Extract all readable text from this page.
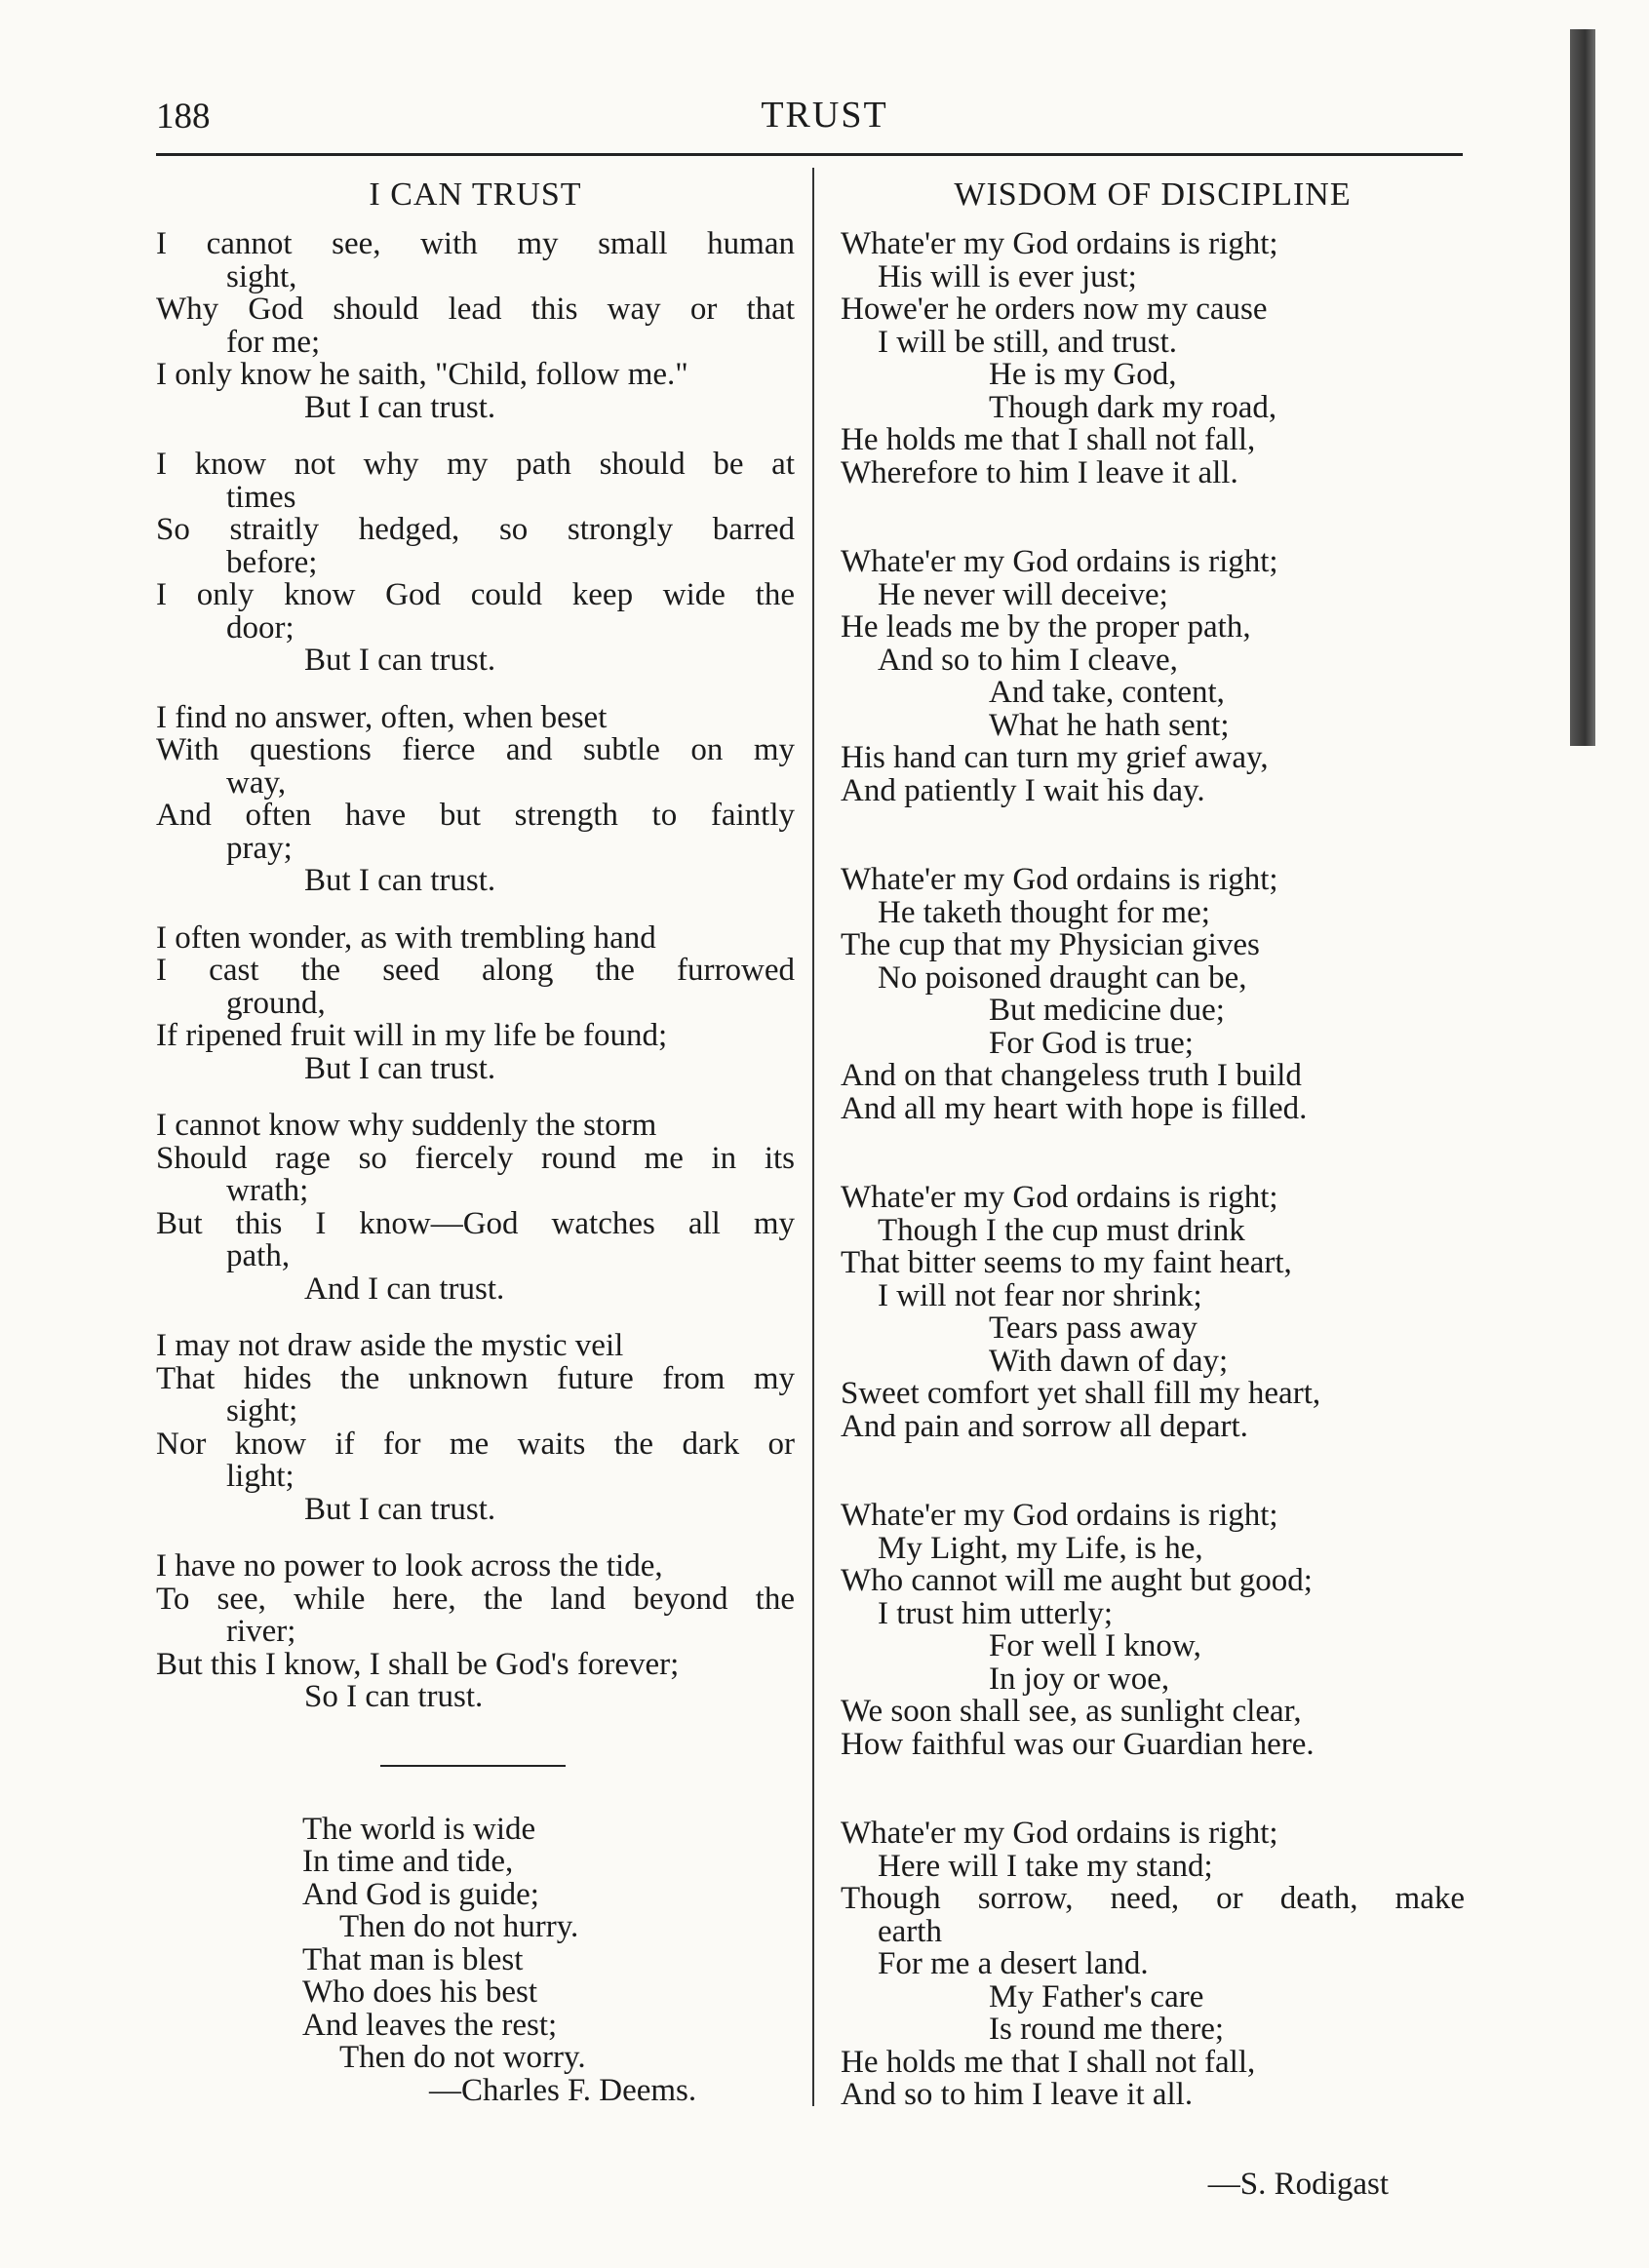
188	TRUST
I CAN TRUST
I cannot see, with my small human
sight,
Why God should lead this way or that
for me;
I only know he saith, "Child, follow me."
But I can trust.
I know not why my path should be at
times
So straitly hedged, so strongly barred
before;
I only know God could keep wide the
door;
But I can trust.
I find no answer, often, when beset
With questions fierce and subtle on my
way,
And often have but strength to faintly
pray;
But I can trust.
I often wonder, as with trembling hand
I cast the seed along the furrowed
ground,
If ripened fruit will in my life be found;
But I can trust.
I cannot know why suddenly the storm
Should rage so fiercely round me in its
wrath;
But this I know—God watches all my
path,
And I can trust.
I may not draw aside the mystic veil
That hides the unknown future from my
sight;
Nor know if for me waits the dark or
light;
But I can trust.
I have no power to look across the tide,
To see, while here, the land beyond the
river;
But this I know, I shall be God's forever;
So I can trust.
The world is wide
In time and tide,
And God is guide;
Then do not hurry.
That man is blest
Who does his best
And leaves the rest;
Then do not worry.
—Charles F. Deems.
WISDOM OF DISCIPLINE
Whate'er my God ordains is right;
His will is ever just;
Howe'er he orders now my cause
I will be still, and trust.
He is my God,
Though dark my road,
He holds me that I shall not fall,
Wherefore to him I leave it all.
Whate'er my God ordains is right;
He never will deceive;
He leads me by the proper path,
And so to him I cleave,
And take, content,
What he hath sent;
His hand can turn my grief away,
And patiently I wait his day.
Whate'er my God ordains is right;
He taketh thought for me;
The cup that my Physician gives
No poisoned draught can be,
But medicine due;
For God is true;
And on that changeless truth I build
And all my heart with hope is filled.
Whate'er my God ordains is right;
Though I the cup must drink
That bitter seems to my faint heart,
I will not fear nor shrink;
Tears pass away
With dawn of day;
Sweet comfort yet shall fill my heart,
And pain and sorrow all depart.
Whate'er my God ordains is right;
My Light, my Life, is he,
Who cannot will me aught but good;
I trust him utterly;
For well I know,
In joy or woe,
We soon shall see, as sunlight clear,
How faithful was our Guardian here.
Whate'er my God ordains is right;
Here will I take my stand;
Though sorrow, need, or death, make
earth
For me a desert land.
My Father's care
Is round me there;
He holds me that I shall not fall,
And so to him I leave it all.
—S. Rodigast
